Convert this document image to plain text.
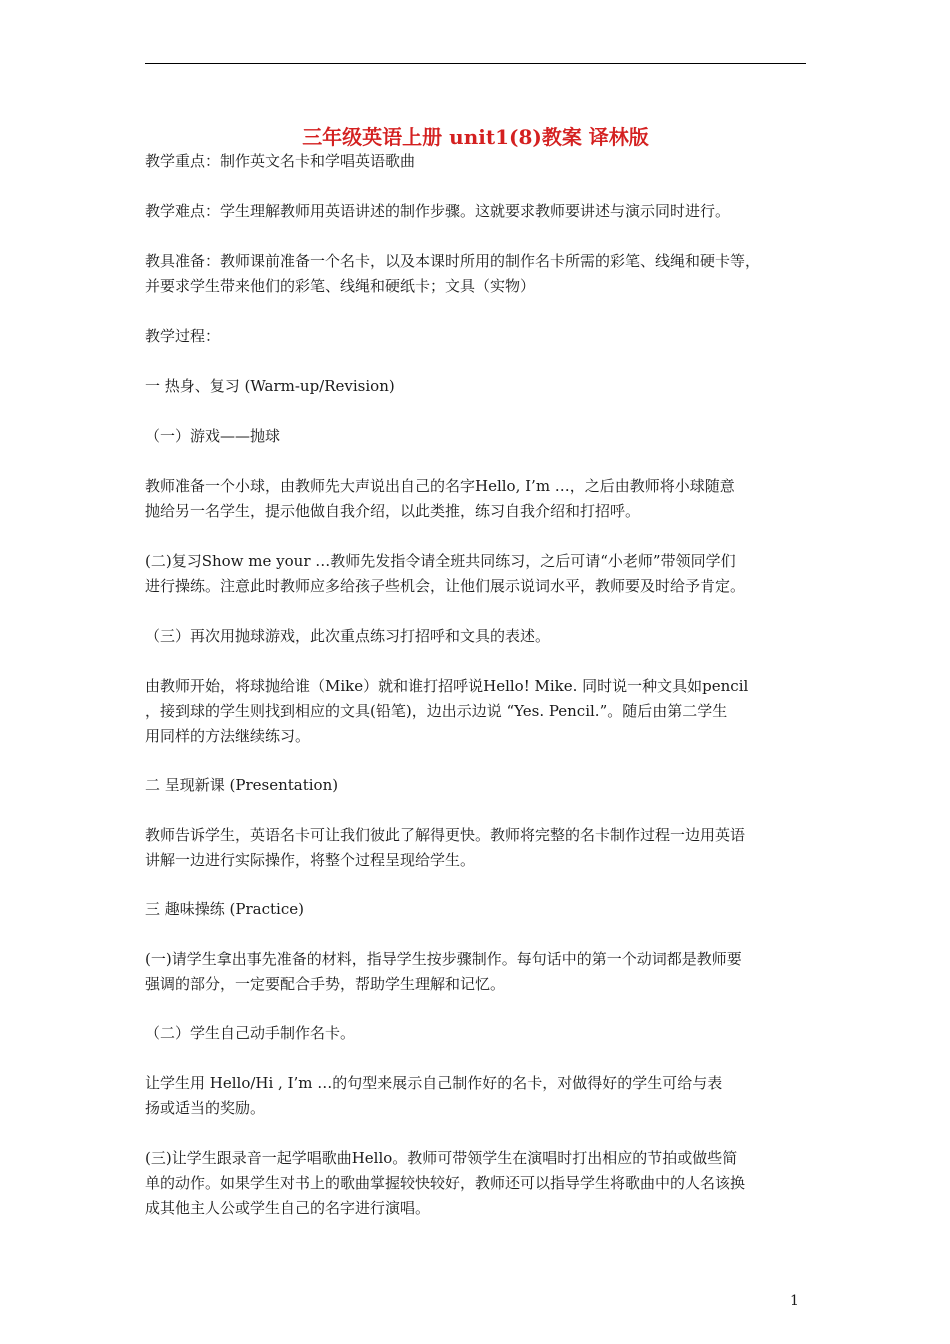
三年级英语上册 unit1(8)教案 译林版

教学重点：制作英文名卡和学唱英语歌曲

教学难点：学生理解教师用英语讲述的制作步骤。这就要求教师要讲述与演示同时进行。

教具准备：教师课前准备一个名卡，以及本课时所用的制作名卡所需的彩笔、线绳和硬卡等，
并要求学生带来他们的彩笔、线绳和硬纸卡；文具（实物）

教学过程：

一 热身、复习 (Warm-up/Revision)

（一）游戏——抛球

教师准备一个小球，由教师先大声说出自己的名字Hello, I’m …，之后由教师将小球随意
抛给另一名学生，提示他做自我介绍，以此类推，练习自我介绍和打招呼。

(二)复习Show me your …教师先发指令请全班共同练习，之后可请“小老师”带领同学们
进行操练。注意此时教师应多给孩子些机会，让他们展示说词水平，教师要及时给予肯定。

（三）再次用抛球游戏，此次重点练习打招呼和文具的表述。

由教师开始，将球抛给谁（Mike）就和谁打招呼说Hello! Mike. 同时说一种文具如pencil
，接到球的学生则找到相应的文具(铅笔)，边出示边说 “Yes. Pencil.”。随后由第二学生
用同样的方法继续练习。

二 呈现新课 (Presentation)

教师告诉学生，英语名卡可让我们彼此了解得更快。教师将完整的名卡制作过程一边用英语
讲解一边进行实际操作，将整个过程呈现给学生。

三 趣味操练 (Practice)

(一)请学生拿出事先准备的材料，指导学生按步骤制作。每句话中的第一个动词都是教师要
强调的部分，一定要配合手势，帮助学生理解和记忆。

（二）学生自己动手制作名卡。

让学生用 Hello/Hi , I’m …的句型来展示自己制作好的名卡，对做得好的学生可给与表
扬或适当的奖励。

(三)让学生跟录音一起学唱歌曲Hello。教师可带领学生在演唱时打出相应的节拍或做些简
单的动作。如果学生对书上的歌曲掌握较快较好，教师还可以指导学生将歌曲中的人名该换
成其他主人公或学生自己的名字进行演唱。

1
